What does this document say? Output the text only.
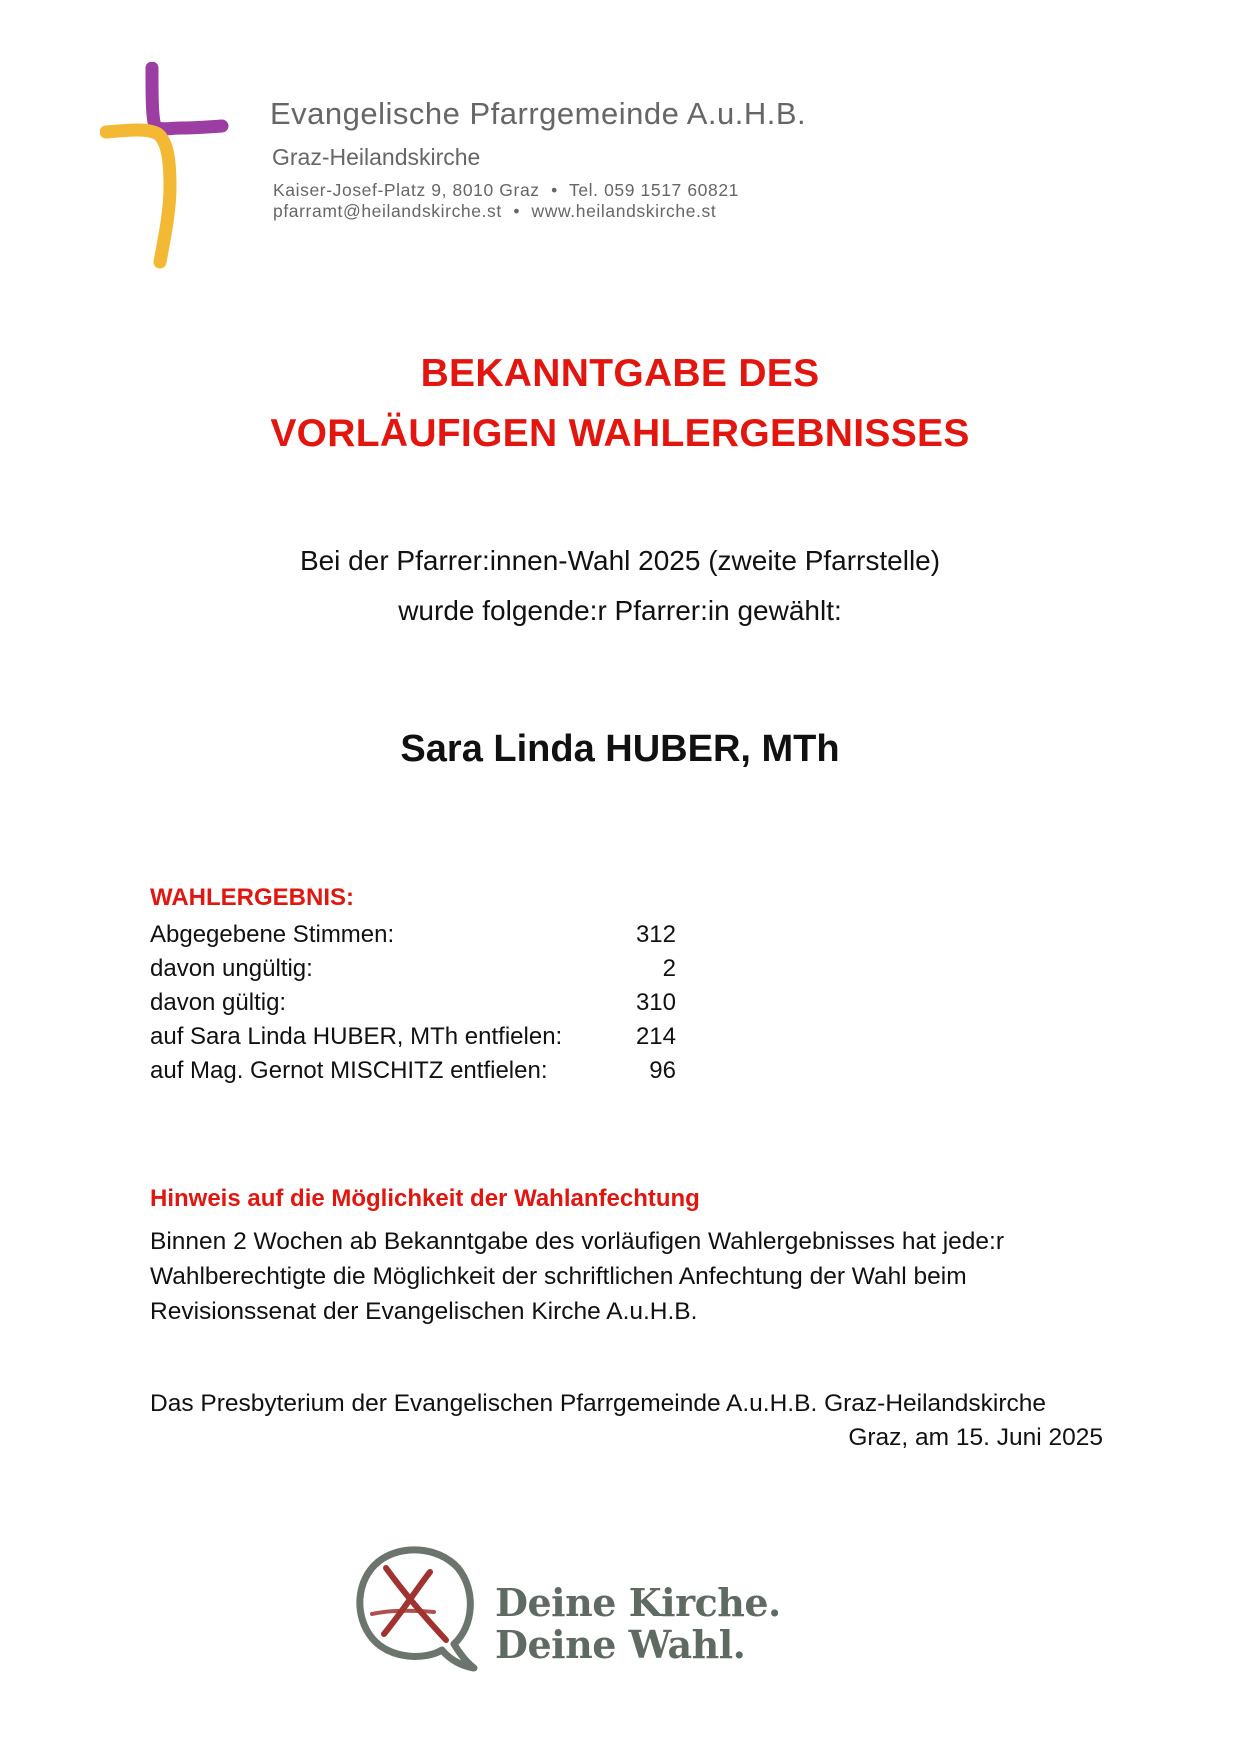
Evangelische Pfarrgemeinde A.u.H.B.
Graz-Heilandskirche
Kaiser-Josef-Platz 9, 8010 Graz • Tel. 059 1517 60821
pfarramt@heilandskirche.st • www.heilandskirche.st
BEKANNTGABE DES
VORLÄUFIGEN WAHLERGEBNISSES
Bei der Pfarrer:innen-Wahl 2025 (zweite Pfarrstelle)
wurde folgende:r Pfarrer:in gewählt:
Sara Linda HUBER, MTh
WAHLERGEBNIS:
Abgegebene Stimmen:	312
davon ungültig:	2
davon gültig:	310
auf Sara Linda HUBER, MTh entfielen:	214
auf Mag. Gernot MISCHITZ entfielen:	96
Hinweis auf die Möglichkeit der Wahlanfechtung
Binnen 2 Wochen ab Bekanntgabe des vorläufigen Wahlergebnisses hat jede:r
Wahlberechtigte die Möglichkeit der schriftlichen Anfechtung der Wahl beim
Revisionssenat der Evangelischen Kirche A.u.H.B.
Das Presbyterium der Evangelischen Pfarrgemeinde A.u.H.B. Graz-Heilandskirche
Graz, am 15. Juni 2025
Deine Kirche.
Deine Wahl.
